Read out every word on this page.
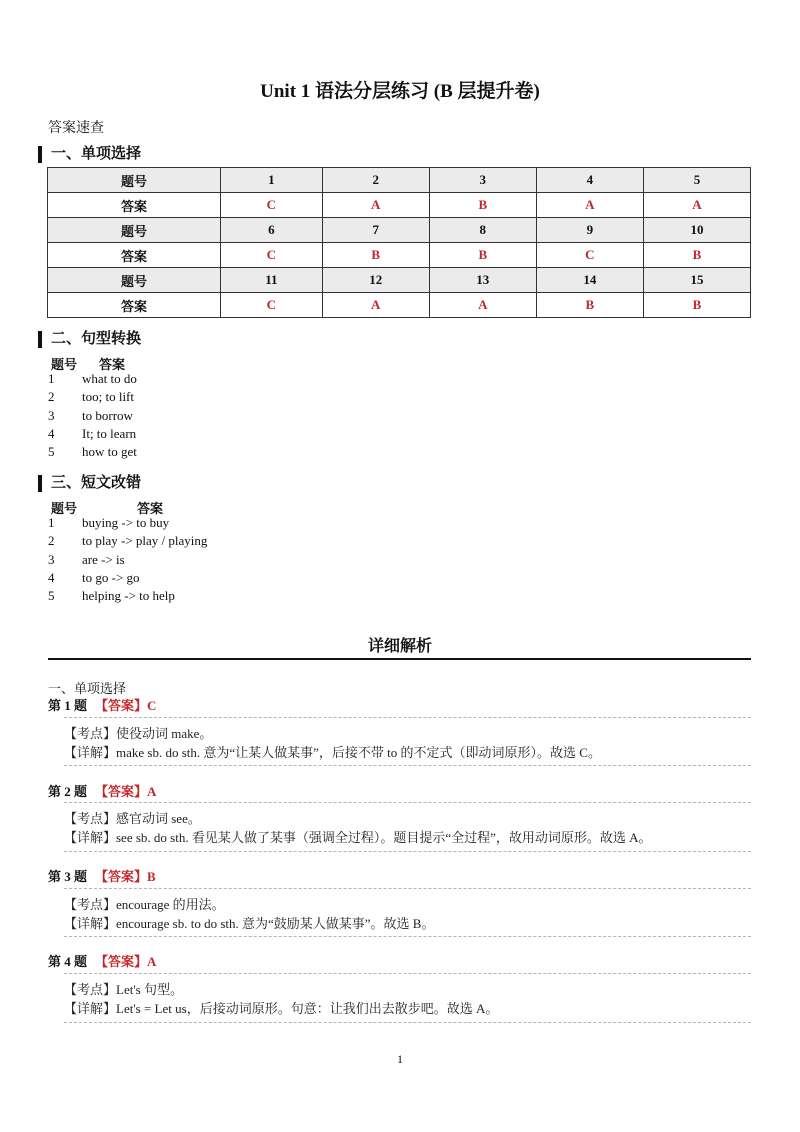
Unit 1 语法分层练习 (B 层提升卷)
答案速查
一、单项选择
题号	1	2	3	4	5
答案	C	A	B	A	A
题号	6	7	8	9	10
答案	C	B	B	C	B
题号	11	12	13	14	15
答案	C	A	A	B	B
二、句型转换
题号 答案
1 what to do
2 too; to lift
3 to borrow
4 It; to learn
5 how to get
三、短文改错
题号	答案
1 buying -> to buy
2 to play -> play / playing
3 are -> is
4 to go -> go
5 helping -> to help
详细解析
一、单项选择
第 1 题 【答案】C
【考点】使役动词 make。
【详解】make sb. do sth. 意为“让某人做某事”，后接不带 to 的不定式（即动词原形）。故选 C。
第 2 题 【答案】A
【考点】感官动词 see。
【详解】see sb. do sth. 看见某人做了某事（强调全过程）。题目提示“全过程”，故用动词原形。故选 A。
第 3 题 【答案】B
【考点】encourage 的用法。
【详解】encourage sb. to do sth. 意为“鼓励某人做某事”。故选 B。
第 4 题 【答案】A
【考点】Let's 句型。
【详解】Let's = Let us，后接动词原形。句意：让我们出去散步吧。故选 A。
1
